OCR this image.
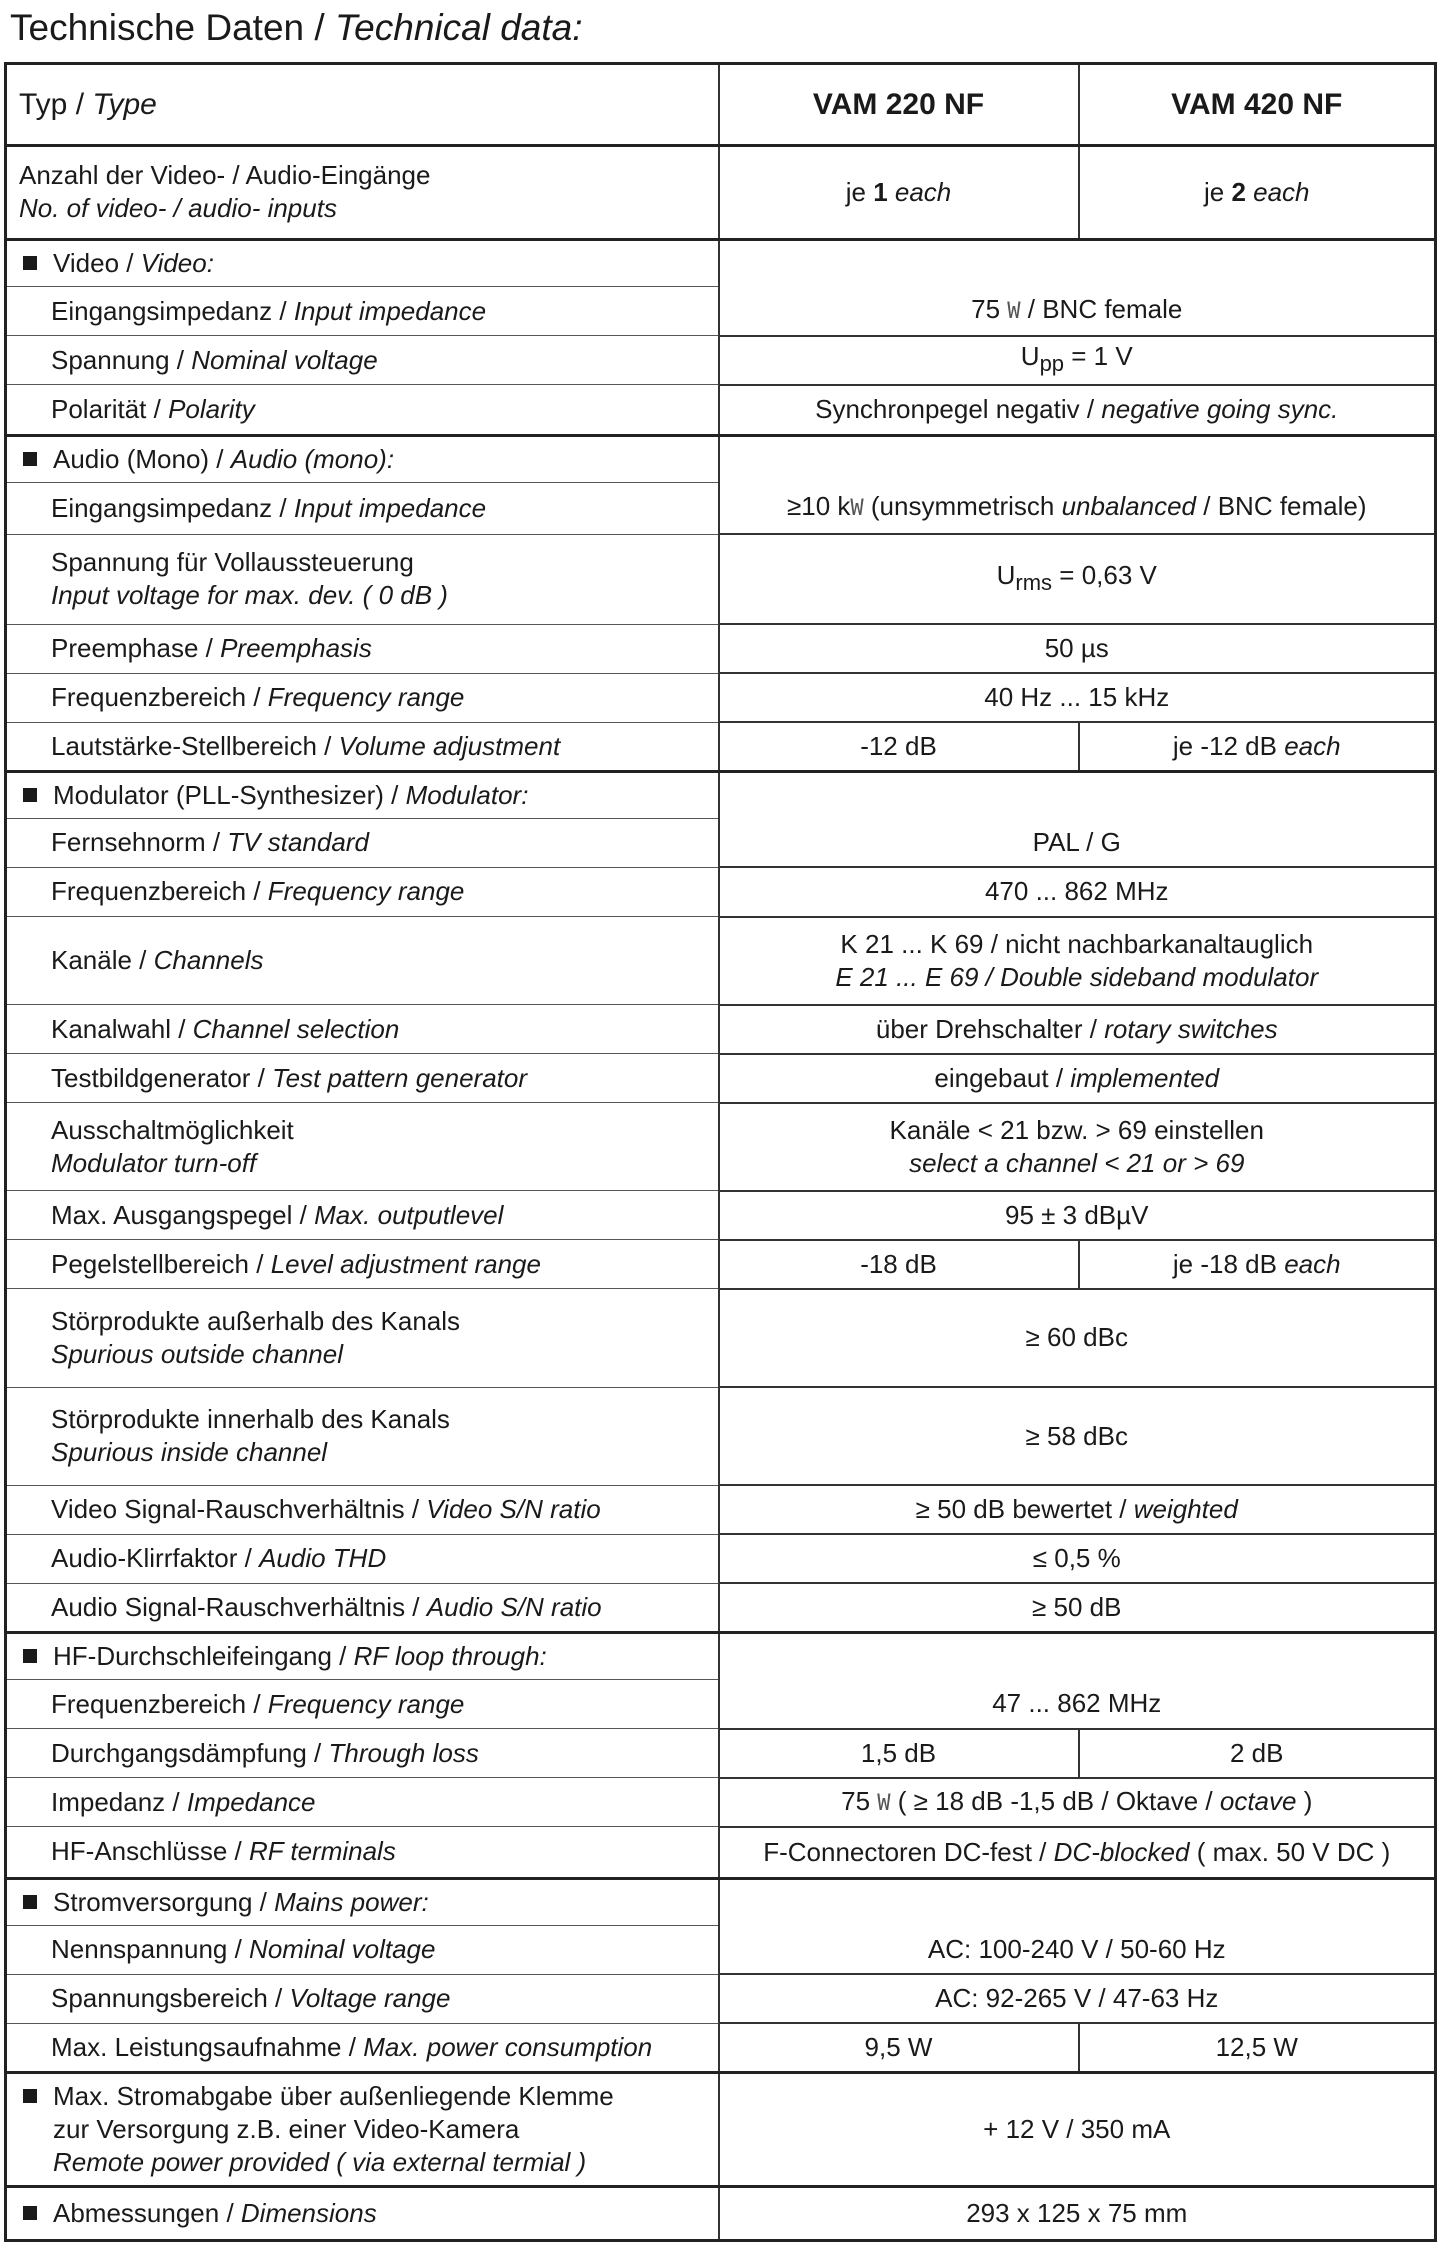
Technische Daten / Technical data:
Typ / Type	VAM 220 NF	VAM 420 NF
Anzahl der Video- / Audio-Eingänge
No. of video- / audio- inputs	je 1 each	je 2 each
Video / Video:		
Eingangsimpedanz / Input impedance	75 W / BNC female	
Spannung / Nominal voltage	$U_{pp} = 1$ V	
Polarität / Polarity	Synchronpegel negativ / negative going sync.	
Audio (Mono) / Audio (mono):		
Eingangsimpedanz / Input impedance	≥10 kW (unsymmetrisch unbalanced / BNC female)	
Spannung für Vollaussteuerung
Input voltage for max. dev. ( 0 dB )	$U_{rms} = 0,63$ V	
Preemphase / Preemphasis	50 µs	
Frequenzbereich / Frequency range	40 Hz ... 15 kHz	
Lautstärke-Stellbereich / Volume adjustment	-12 dB	je -12 dB each
Modulator (PLL-Synthesizer) / Modulator:		
Fernsehnorm / TV standard	PAL / G	
Frequenzbereich / Frequency range	470 ... 862 MHz	
Kanäle / Channels	K 21 ... K 69 / nicht nachbarkanaltauglich
E 21 ... E 69 / Double sideband modulator	
Kanalwahl / Channel selection	über Drehschalter / rotary switches	
Testbildgenerator / Test pattern generator	eingebaut / implemented	
Ausschaltmöglichkeit
Modulator turn-off	Kanäle < 21 bzw. > 69 einstellen
select a channel < 21 or > 69	
Max. Ausgangspegel / Max. outputlevel	95 ± 3 dBµV	
Pegelstellbereich / Level adjustment range	-18 dB	je -18 dB each
Störprodukte außerhalb des Kanals
Spurious outside channel	≥ 60 dBc	
Störprodukte innerhalb des Kanals
Spurious inside channel	≥ 58 dBc	
Video Signal-Rauschverhältnis / Video S/N ratio	≥ 50 dB bewertet / weighted	
Audio-Klirrfaktor / Audio THD	≤ 0,5 %	
Audio Signal-Rauschverhältnis / Audio S/N ratio	≥ 50 dB	
HF-Durchschleifeingang / RF loop through:		
Frequenzbereich / Frequency range	47 ... 862 MHz	
Durchgangsdämpfung / Through loss	1,5 dB	2 dB
Impedanz / Impedance	75 W ( ≥ 18 dB -1,5 dB / Oktave / octave )	
HF-Anschlüsse / RF terminals	F-Connectoren DC-fest / DC-blocked ( max. 50 V DC )	
Stromversorgung / Mains power:		
Nennspannung / Nominal voltage	AC: 100-240 V / 50-60 Hz	
Spannungsbereich / Voltage range	AC: 92-265 V / 47-63 Hz	
Max. Leistungsaufnahme / Max. power consumption	9,5 W	12,5 W

Max. Stromabgabe über außenliegende Klemme
zur Versorgung z.B. einer Video-Kamera
Remote power provided ( via external termial )	+ 12 V / 350 mA	
Abmessungen / Dimensions	293 x 125 x 75 mm	
